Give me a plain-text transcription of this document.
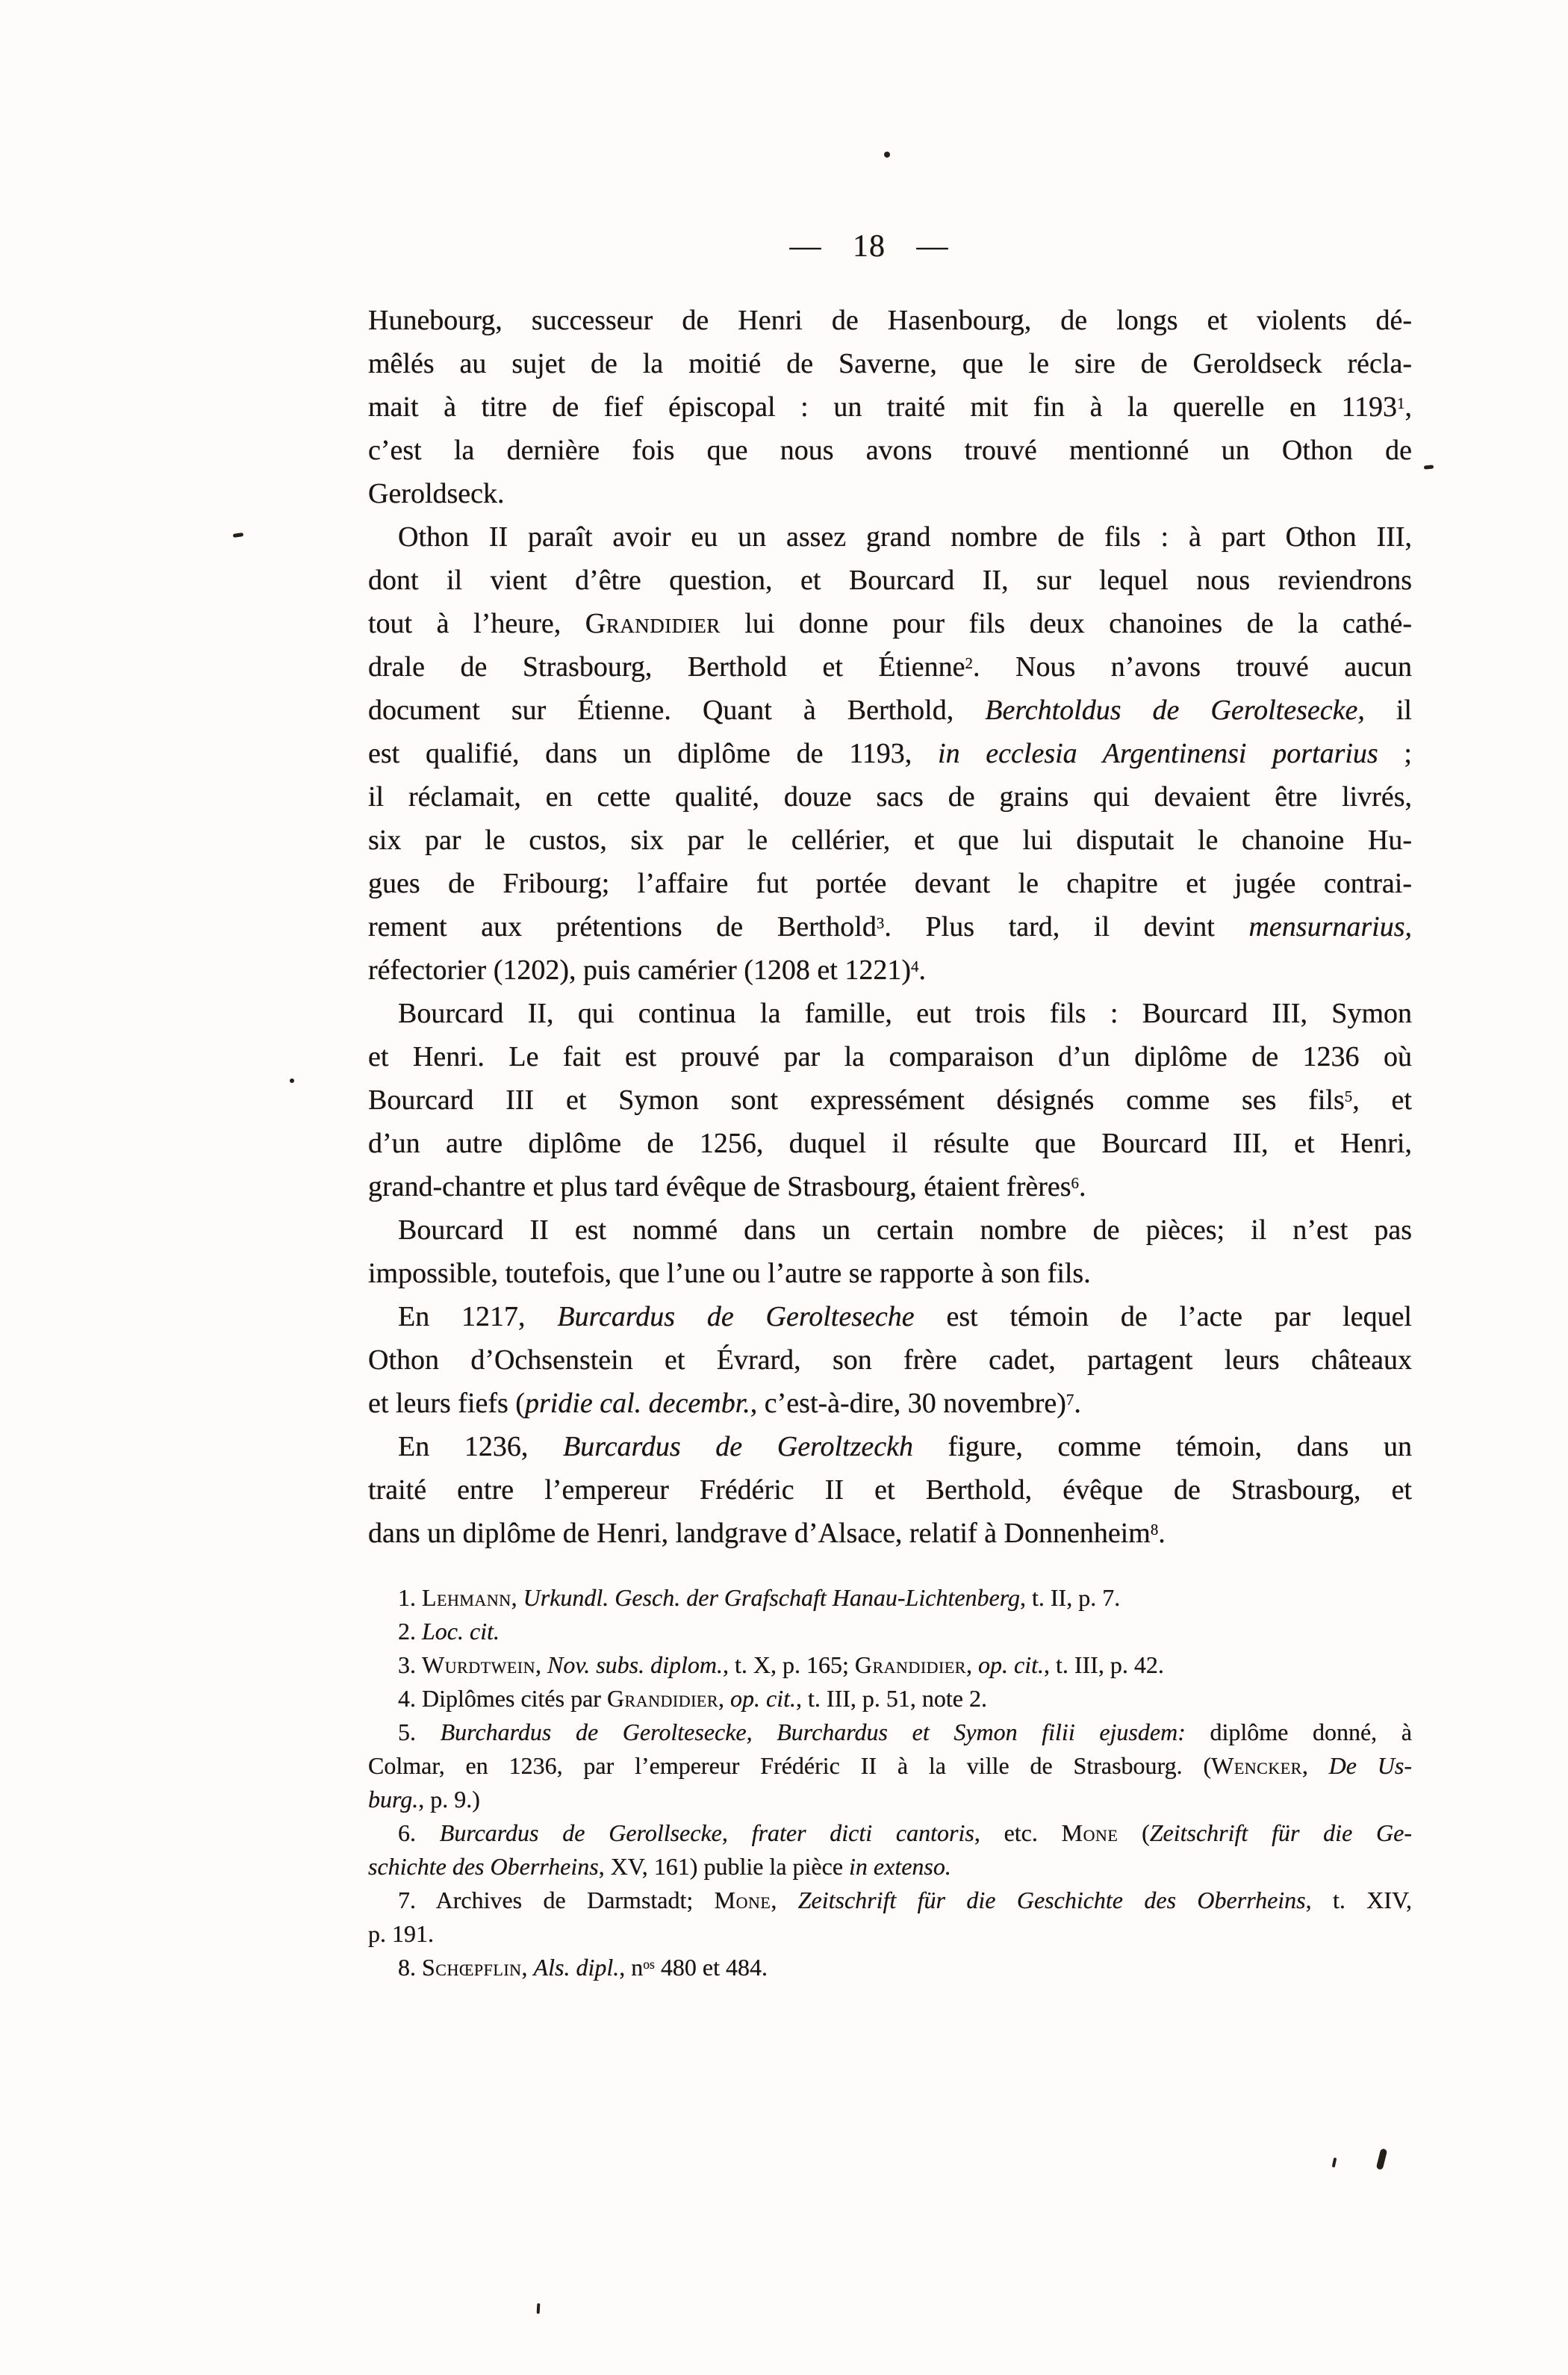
— 18 —
Hunebourg, successeur de Henri de Hasenbourg, de longs et violents dé-
mêlés au sujet de la moitié de Saverne, que le sire de Geroldseck récla-
mait à titre de fief épiscopal : un traité mit fin à la querelle en 1193$^1$,
c’est la dernière fois que nous avons trouvé mentionné un Othon de
Geroldseck.
Othon II paraît avoir eu un assez grand nombre de fils : à part Othon III,
dont il vient d’être question, et Bourcard II, sur lequel nous reviendrons
tout à l’heure, Grandidier lui donne pour fils deux chanoines de la cathé-
drale de Strasbourg, Berthold et Étienne$^2$. Nous n’avons trouvé aucun
document sur Étienne. Quant à Berthold, Berchtoldus de Geroltesecke, il
est qualifié, dans un diplôme de 1193, in ecclesia Argentinensi portarius ;
il réclamait, en cette qualité, douze sacs de grains qui devaient être livrés,
six par le custos, six par le cellérier, et que lui disputait le chanoine Hu-
gues de Fribourg; l’affaire fut portée devant le chapitre et jugée contrai-
rement aux prétentions de Berthold$^3$. Plus tard, il devint mensurnarius,
réfectorier (1202), puis camérier (1208 et 1221)$^4$.
Bourcard II, qui continua la famille, eut trois fils : Bourcard III, Symon
et Henri. Le fait est prouvé par la comparaison d’un diplôme de 1236 où
Bourcard III et Symon sont expressément désignés comme ses fils$^5$, et
d’un autre diplôme de 1256, duquel il résulte que Bourcard III, et Henri,
grand-chantre et plus tard évêque de Strasbourg, étaient frères$^6$.
Bourcard II est nommé dans un certain nombre de pièces; il n’est pas
impossible, toutefois, que l’une ou l’autre se rapporte à son fils.
En 1217, Burcardus de Gerolteseche est témoin de l’acte par lequel
Othon d’Ochsenstein et Évrard, son frère cadet, partagent leurs châteaux
et leurs fiefs (pridie cal. decembr., c’est-à-dire, 30 novembre)$^7$.
En 1236, Burcardus de Geroltzeckh figure, comme témoin, dans un
traité entre l’empereur Frédéric II et Berthold, évêque de Strasbourg, et
dans un diplôme de Henri, landgrave d’Alsace, relatif à Donnenheim$^8$.
1. Lehmann, Urkundl. Gesch. der Grafschaft Hanau-Lichtenberg, t. II, p. 7.
2. Loc. cit.
3. Wurdtwein, Nov. subs. diplom., t. X, p. 165; Grandidier, op. cit., t. III, p. 42.
4. Diplômes cités par Grandidier, op. cit., t. III, p. 51, note 2.
5. Burchardus de Geroltesecke, Burchardus et Symon filii ejusdem: diplôme donné, à
Colmar, en 1236, par l’empereur Frédéric II à la ville de Strasbourg. (Wencker, De Us-
burg., p. 9.)
6. Burcardus de Gerollsecke, frater dicti cantoris, etc. Mone (Zeitschrift für die Ge-
schichte des Oberrheins, XV, 161) publie la pièce in extenso.
7. Archives de Darmstadt; Mone, Zeitschrift für die Geschichte des Oberrheins, t. XIV,
p. 191.
8. Schœpflin, Als. dipl., $n^{os}$ 480 et 484.
